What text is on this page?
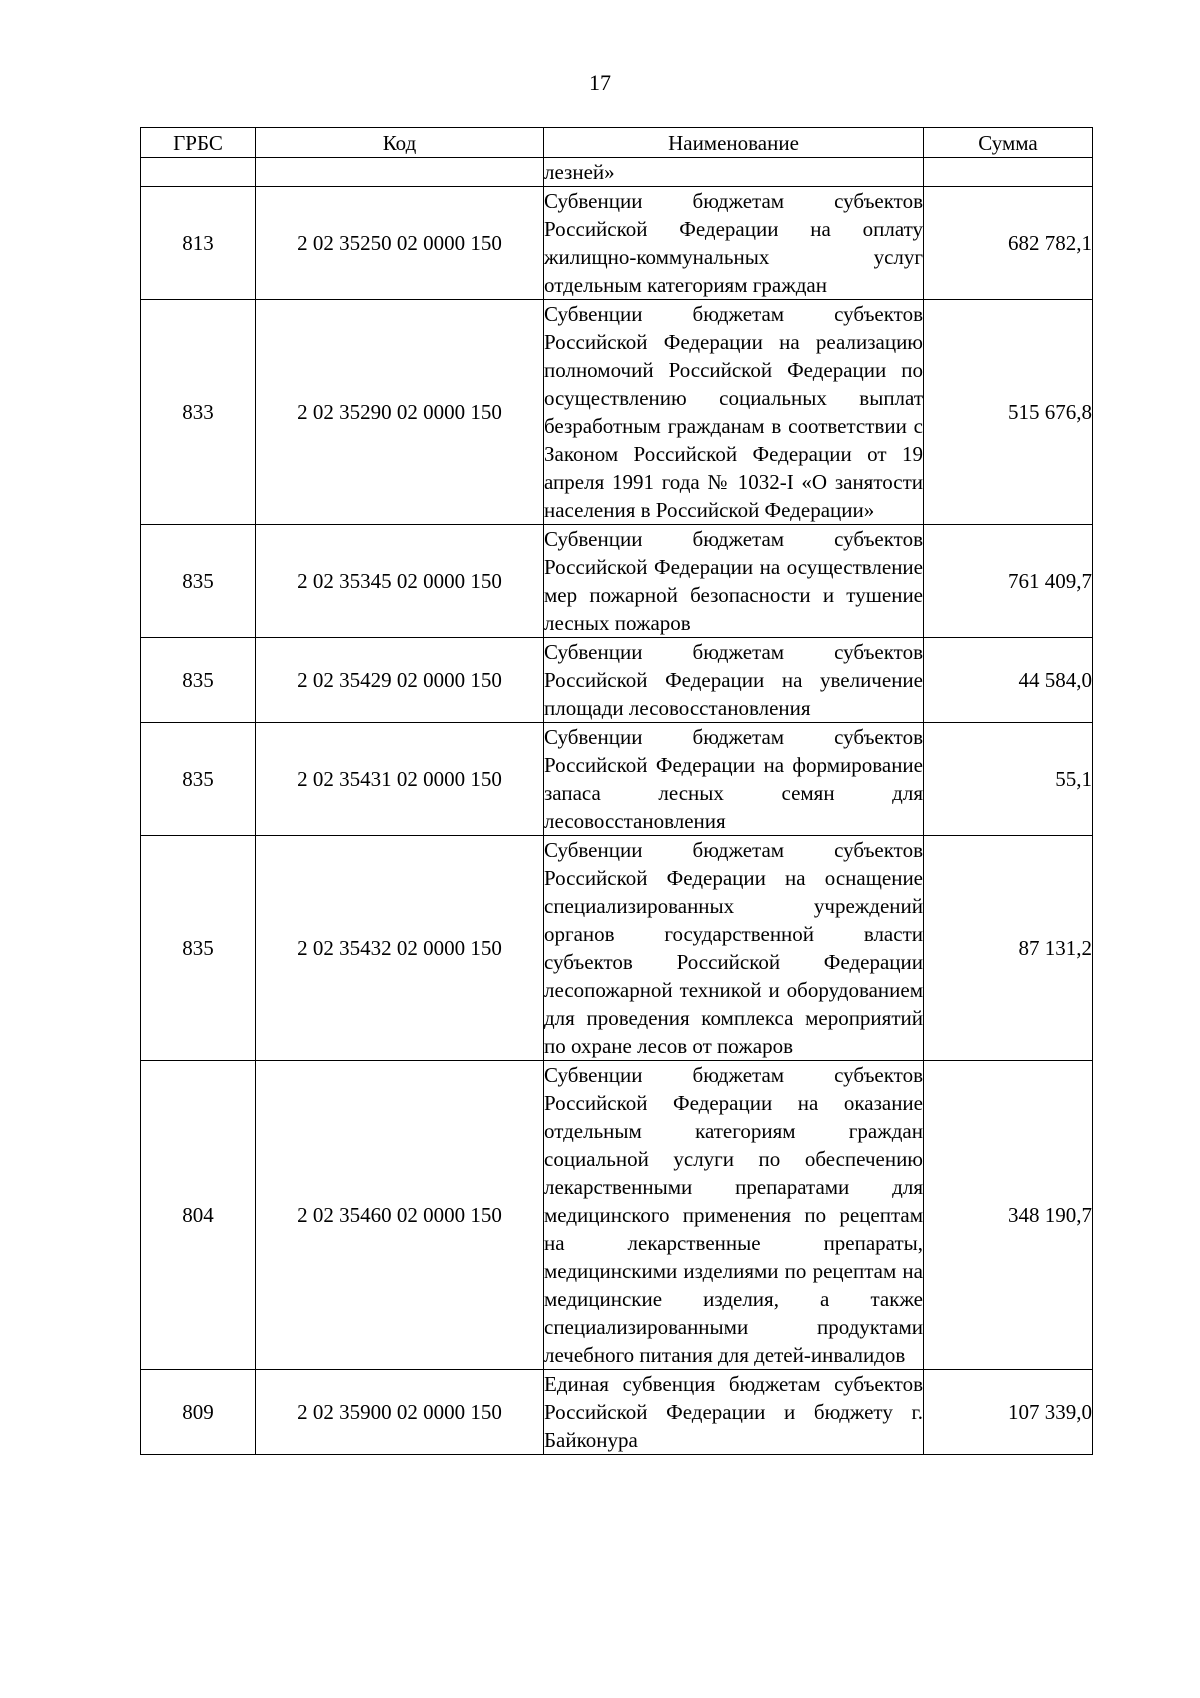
17
ГРБС	Код	Наименование	Сумма
		лезней»	
813	2 02 35250 02 0000 150	Субвенции бюджетам субъектов Российской Федерации на оплату жилищно-коммунальных услуг отдельным категориям граждан	682 782,1
833	2 02 35290 02 0000 150	Субвенции бюджетам субъектов Российской Федерации на реализацию полномочий Российской Федерации по осуществлению социальных выплат безработным гражданам в соответствии с Законом Российской Федерации от 19 апреля 1991 года № 1032-I «О занятости населения в Российской Федерации»	515 676,8
835	2 02 35345 02 0000 150	Субвенции бюджетам субъектов Российской Федерации на осуществление мер пожарной безопасности и тушение лесных пожаров	761 409,7
835	2 02 35429 02 0000 150	Субвенции бюджетам субъектов Российской Федерации на увеличение площади лесовосстановления	44 584,0
835	2 02 35431 02 0000 150	Субвенции бюджетам субъектов Российской Федерации на формирование запаса лесных семян для лесовосстановления	55,1
835	2 02 35432 02 0000 150	Субвенции бюджетам субъектов Российской Федерации на оснащение специализированных учреждений органов государственной власти субъектов Российской Федерации лесопожарной техникой и оборудованием для проведения комплекса мероприятий по охране лесов от пожаров	87 131,2
804	2 02 35460 02 0000 150	Субвенции бюджетам субъектов Российской Федерации на оказание отдельным категориям граждан социальной услуги по обеспечению лекарственными препаратами для медицинского применения по рецептам на лекарственные препараты, медицинскими изделиями по рецептам на медицинские изделия, а также специализированными продуктами лечебного питания для детей-инвалидов	348 190,7
809	2 02 35900 02 0000 150	Единая субвенция бюджетам субъектов Российской Федерации и бюджету г. Байконура	107 339,0
